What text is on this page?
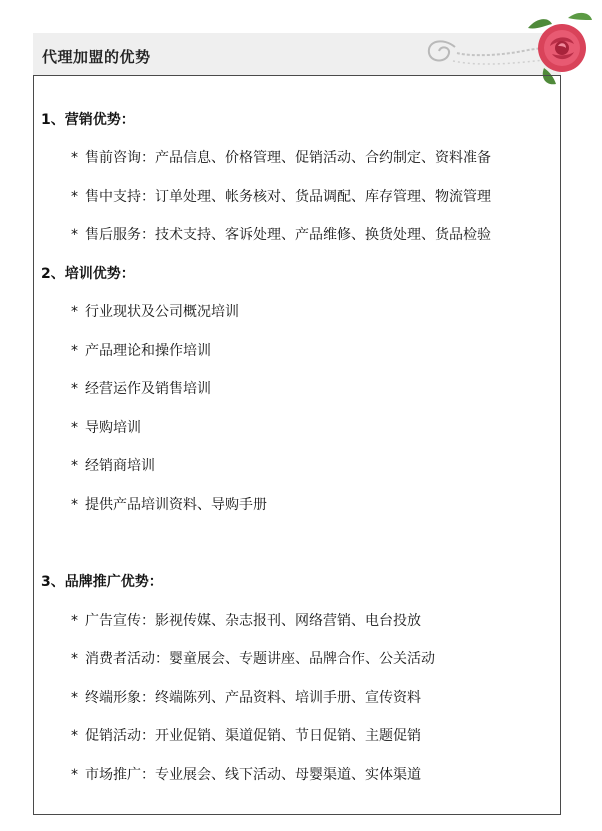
代理加盟的优势
1、营销优势：
* 售前咨询：产品信息、价格管理、促销活动、合约制定、资料准备
* 售中支持：订单处理、帐务核对、货品调配、库存管理、物流管理
* 售后服务：技术支持、客诉处理、产品维修、换货处理、货品检验
2、培训优势：
* 行业现状及公司概况培训
* 产品理论和操作培训
* 经营运作及销售培训
* 导购培训
* 经销商培训
* 提供产品培训资料、导购手册
3、品牌推广优势：
* 广告宣传：影视传媒、杂志报刊、网络营销、电台投放
* 消费者活动：婴童展会、专题讲座、品牌合作、公关活动
* 终端形象：终端陈列、产品资料、培训手册、宣传资料
* 促销活动：开业促销、渠道促销、节日促销、主题促销
* 市场推广：专业展会、线下活动、母婴渠道、实体渠道
